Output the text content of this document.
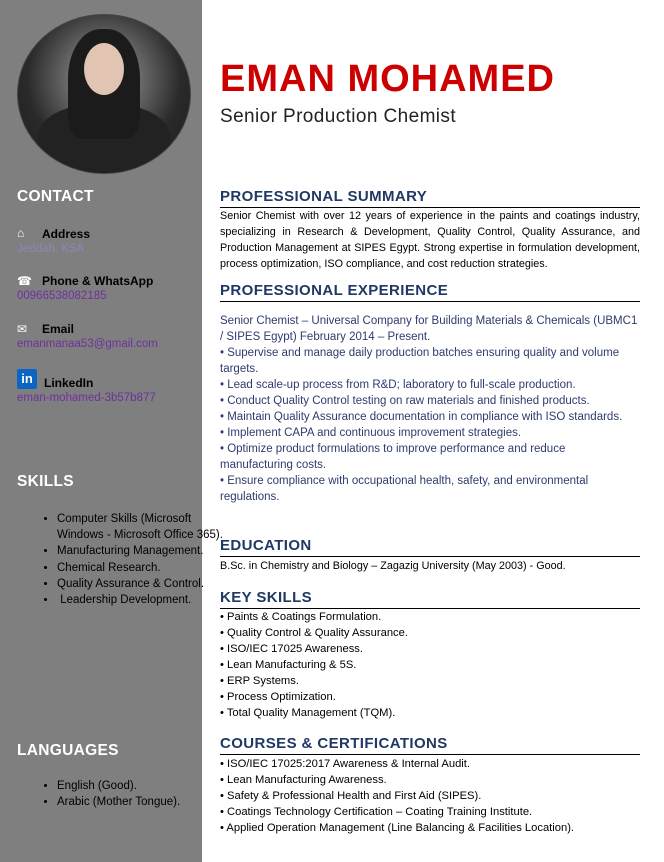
CONTACT
⌂	Address
Jeddah, KSA
☎ Phone & WhatsApp
00966538082185
✉	Email
emanmanaa53@gmail.com
in LinkedIn
eman-mohamed-3b57b877
SKILLS
• Computer Skills (Microsoft Windows - Microsoft Office 365).
• Manufacturing Management.
• Chemical Research.
• Quality Assurance & Control.
•  Leadership Development.
LANGUAGES
• English (Good).
• Arabic (Mother Tongue).
EMAN MOHAMED
Senior Production Chemist
PROFESSIONAL SUMMARY

Senior Chemist with over 12 years of experience in the paints and coatings industry, specializing in Research & Development, Quality Control, Quality Assurance, and Production Management at SIPES Egypt. Strong expertise in formulation development, process optimization, ISO compliance, and cost reduction strategies.

PROFESSIONAL EXPERIENCE
Senior Chemist – Universal Company for Building Materials & Chemicals (UBMC1 / SIPES Egypt) February 2014 – Present.
• Supervise and manage daily production batches ensuring quality and volume targets.
• Lead scale-up process from R&D; laboratory to full-scale production.
• Conduct Quality Control testing on raw materials and finished products.
• Maintain Quality Assurance documentation in compliance with ISO standards.
• Implement CAPA and continuous improvement strategies.
• Optimize product formulations to improve performance and reduce manufacturing costs.
• Ensure compliance with occupational health, safety, and environmental regulations.
EDUCATION

B.Sc. in Chemistry and Biology – Zagazig University (May 2003) - Good.

KEY SKILLS
• Paints & Coatings Formulation.
• Quality Control & Quality Assurance.
• ISO/IEC 17025 Awareness.
• Lean Manufacturing & 5S.
• ERP Systems.
• Process Optimization.
• Total Quality Management (TQM).
COURSES & CERTIFICATIONS
• ISO/IEC 17025:2017 Awareness & Internal Audit.
• Lean Manufacturing Awareness.
• Safety & Professional Health and First Aid (SIPES).
• Coatings Technology Certification – Coating Training Institute.
• Applied Operation Management (Line Balancing & Facilities Location).
